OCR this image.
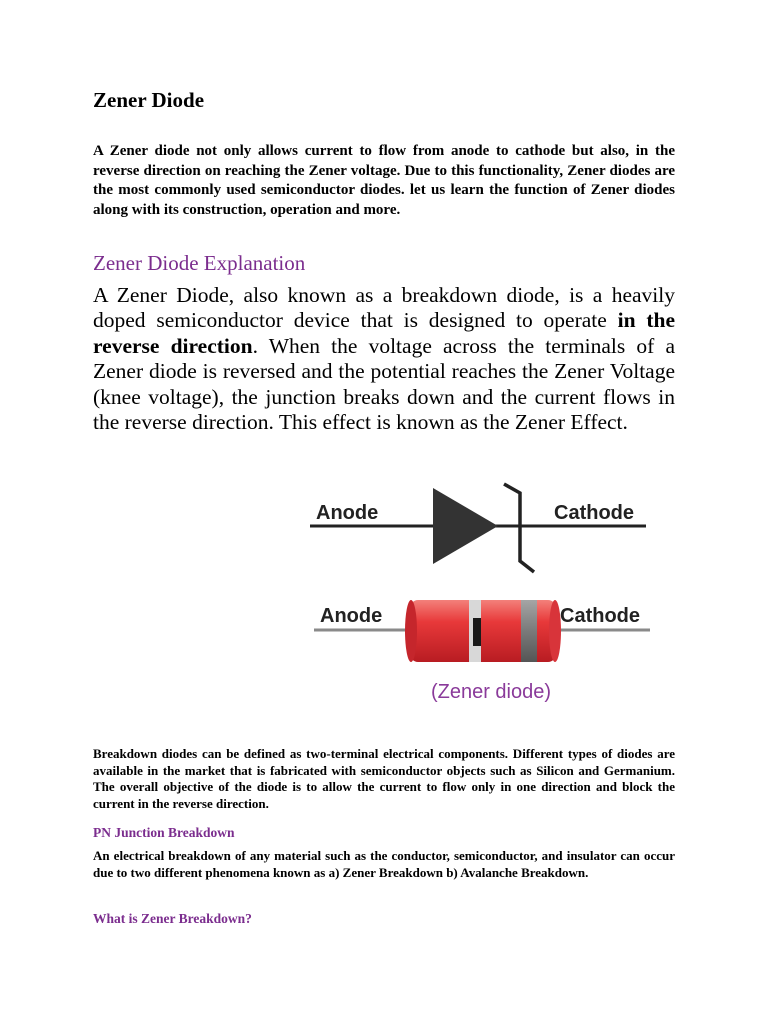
Zener Diode

A Zener diode not only allows current to flow from anode to cathode but also, in the reverse direction on reaching the Zener voltage. Due to this functionality, Zener diodes are the most commonly used semiconductor diodes. let us learn the function of Zener diodes along with its construction, operation and more.

Zener Diode Explanation

A Zener Diode, also known as a breakdown diode, is a heavily doped semiconductor device that is designed to operate in the reverse direction. When the voltage across the terminals of a Zener diode is reversed and the potential reaches the Zener Voltage (knee voltage), the junction breaks down and the current flows in the reverse direction. This effect is known as the Zener Effect.

Anode	Cathode
Anode	Cathode
(Zener diode)

Breakdown diodes can be defined as two-terminal electrical components. Different types of diodes are available in the market that is fabricated with semiconductor objects such as Silicon and Germanium. The overall objective of the diode is to allow the current to flow only in one direction and block the current in the reverse direction.

PN Junction Breakdown

An electrical breakdown of any material such as the conductor, semiconductor, and insulator can occur due to two different phenomena known as a) Zener Breakdown b) Avalanche Breakdown.

What is Zener Breakdown?
